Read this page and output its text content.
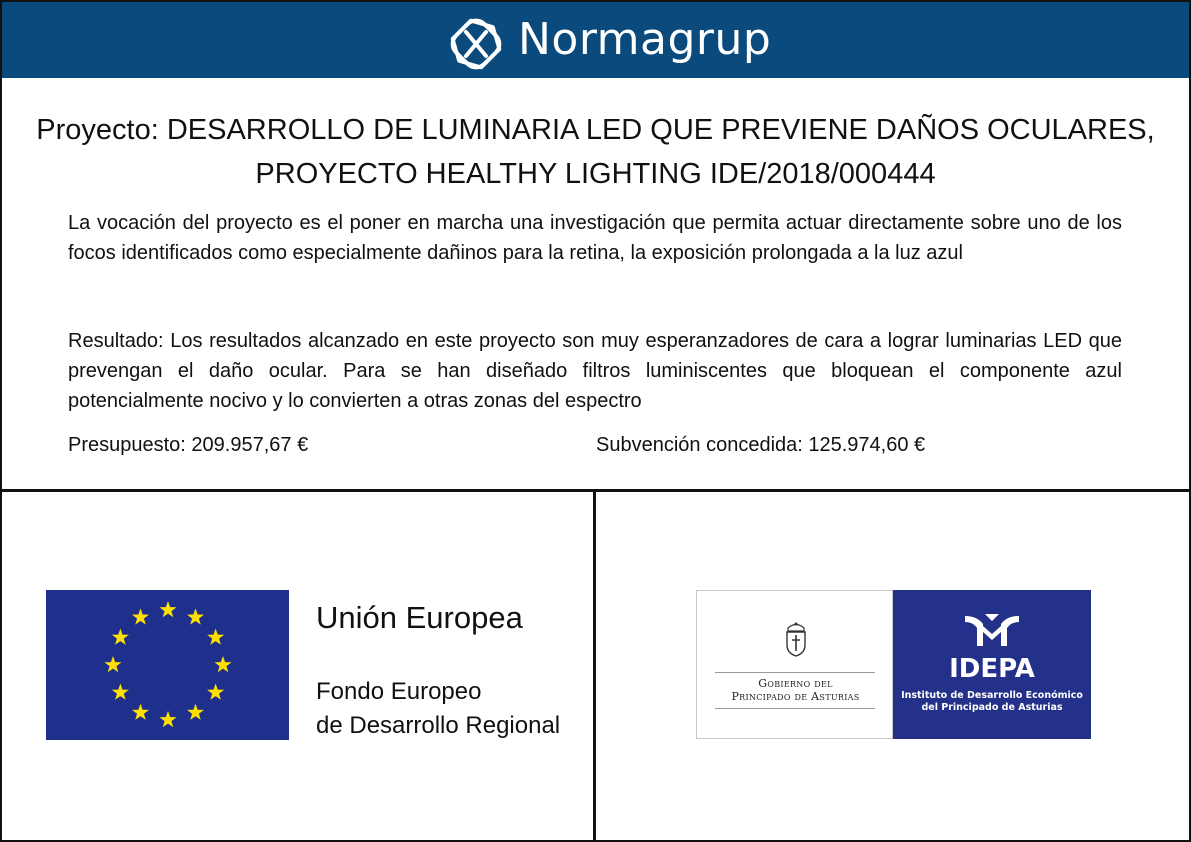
Normagrup
Proyecto: DESARROLLO DE LUMINARIA LED QUE PREVIENE DAÑOS OCULARES,
PROYECTO HEALTHY LIGHTING IDE/2018/000444

La vocación del proyecto es el poner en marcha una investigación que permita actuar directamente sobre uno de los focos identificados como especialmente dañinos para la retina, la exposición prolongada a la luz azul

Resultado: Los resultados alcanzado en este proyecto son muy esperanzadores de cara a lograr luminarias LED que prevengan el daño ocular. Para se han diseñado filtros luminiscentes que bloquean el componente azul potencialmente nocivo y lo convierten a otras zonas del espectro

Presupuesto: 209.957,67 €	Subvención concedida: 125.974,60 €
Unión Europea
Fondo Europeo
de Desarrollo Regional
Gobierno del
Principado de Asturias
IDEPA
Instituto de Desarrollo Económico
del Principado de Asturias
